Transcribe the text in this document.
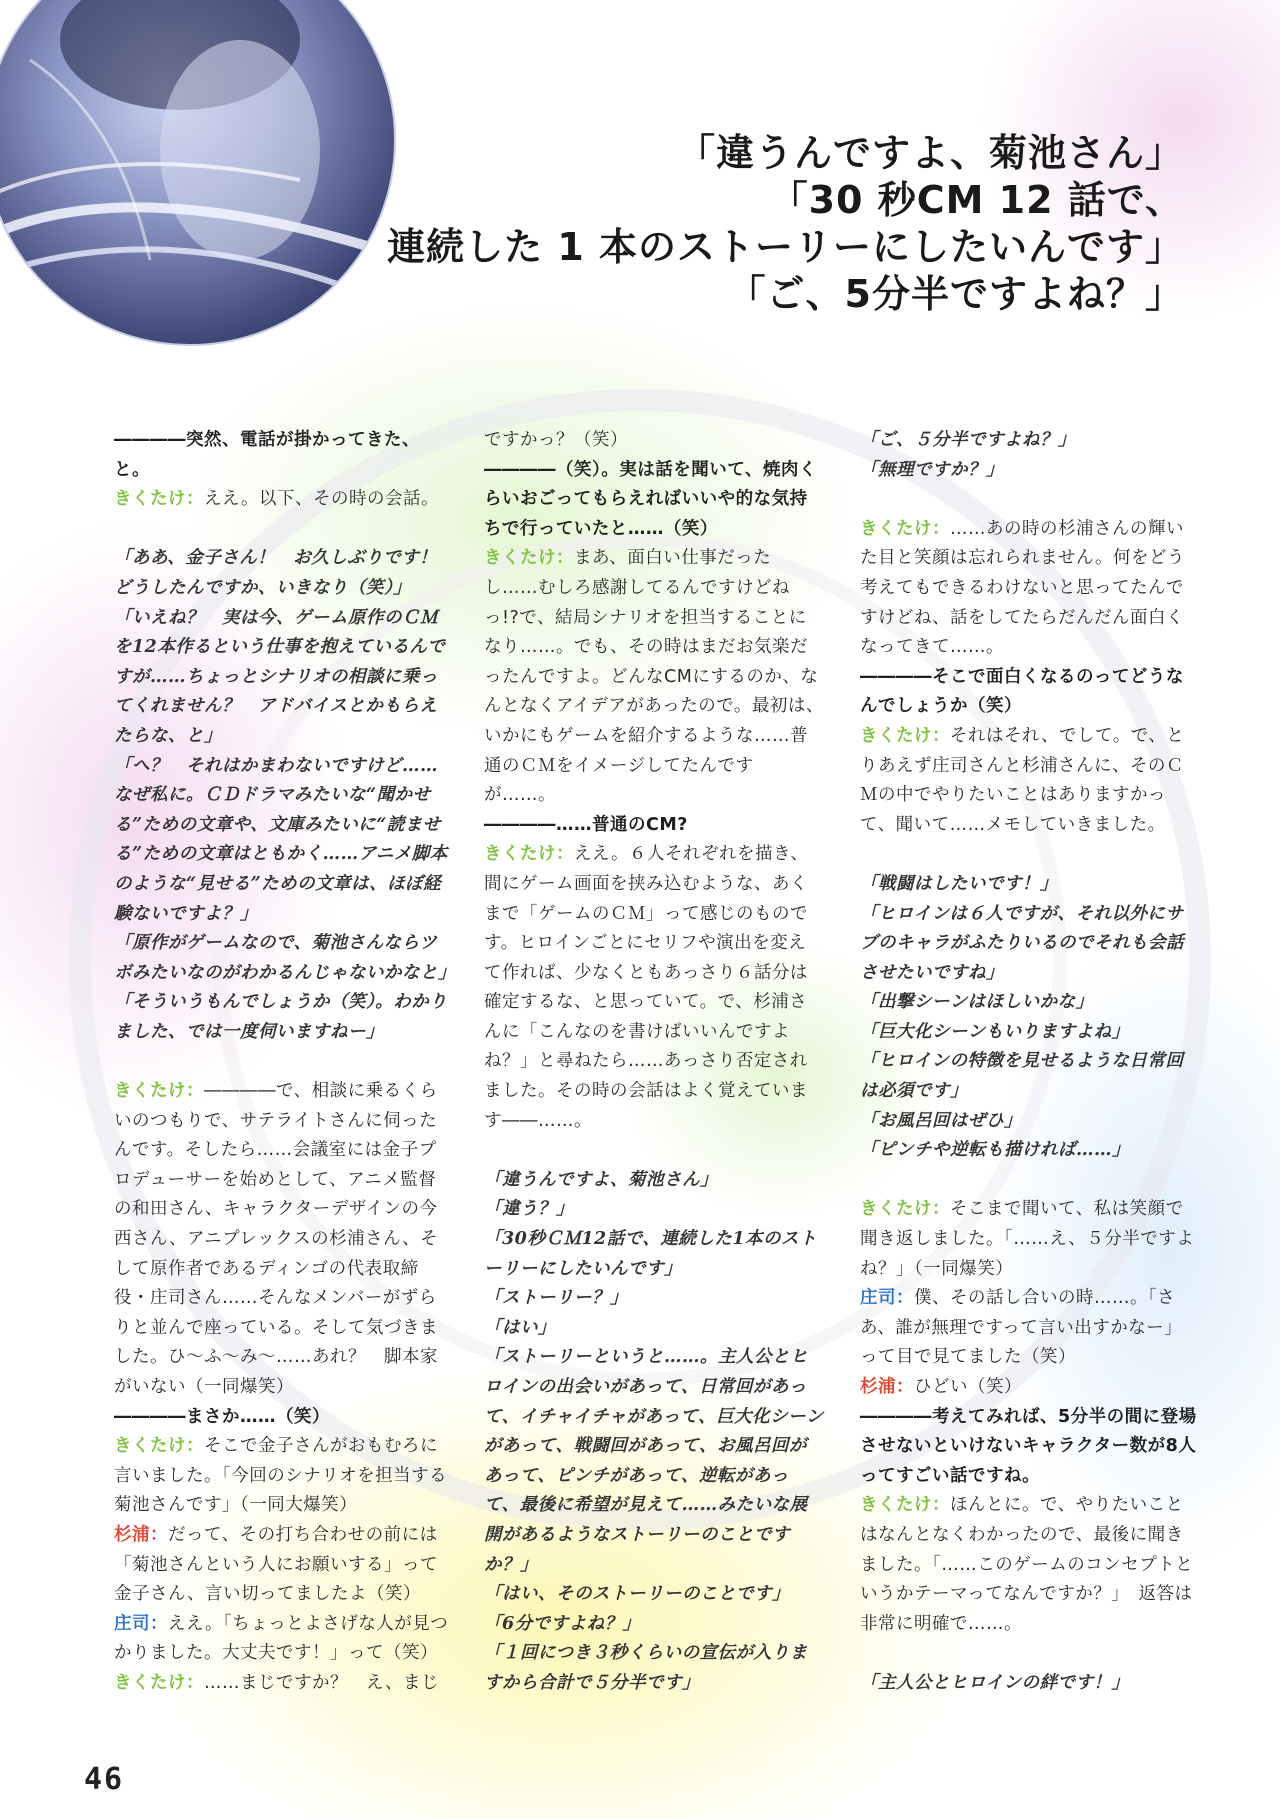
「違うんですよ、菊池さん」
「30 秒CM 12 話で、
連続した 1 本のストーリーにしたいんです」
「ご、5分半ですよね？」

――――突然、電話が掛かってきた、と。

きくたけ：ええ。以下、その時の会話。

「ああ、金子さん！　お久しぶりです！どうしたんですか、いきなり（笑）」

「いえね？　実は今、ゲーム原作のＣＭを12本作るという仕事を抱えているんですが……ちょっとシナリオの相談に乗ってくれません？　アドバイスとかもらえたらな、と」

「へ？　それはかまわないですけど……なぜ私に。ＣＤドラマみたいな“聞かせる”ための文章や、文庫みたいに“読ませる”ための文章はともかく……アニメ脚本のような“見せる”ための文章は、ほぼ経験ないですよ？」

「原作がゲームなので、菊池さんならツボみたいなのがわかるんじゃないかなと」

「そういうもんでしょうか（笑）。わかりました、では一度伺いますねー」

きくたけ：――――で、相談に乗るくらいのつもりで、サテライトさんに伺ったんです。そしたら……会議室には金子プロデューサーを始めとして、アニメ監督の和田さん、キャラクターデザインの今西さん、アニプレックスの杉浦さん、そして原作者であるディンゴの代表取締役・庄司さん……そんなメンバーがずらりと並んで座っている。そして気づきました。ひ～ふ～み～……あれ？　脚本家がいない（一同爆笑）

――――まさか……（笑）

きくたけ：そこで金子さんがおもむろに言いました。「今回のシナリオを担当する菊池さんです」（一同大爆笑）

杉浦：だって、その打ち合わせの前には「菊池さんという人にお願いする」って金子さん、言い切ってましたよ（笑）

庄司：ええ。「ちょっとよさげな人が見つかりました。大丈夫です！」って（笑）

きくたけ：……まじですか？　え、まじ

ですかっ？（笑）

――――（笑）。実は話を聞いて、焼肉くらいおごってもらえればいいや的な気持ちで行っていたと……（笑）

きくたけ：まあ、面白い仕事だったし……むしろ感謝してるんですけどねっ!?で、結局シナリオを担当することになり……。でも、その時はまだお気楽だったんですよ。どんなCMにするのか、なんとなくアイデアがあったので。最初は、いかにもゲームを紹介するような……普通のＣＭをイメージしてたんですが……。

――――……普通のCM?

きくたけ：ええ。６人それぞれを描き、間にゲーム画面を挟み込むような、あくまで「ゲームのＣＭ」って感じのものです。ヒロインごとにセリフや演出を変えて作れば、少なくともあっさり６話分は確定するな、と思っていて。で、杉浦さんに「こんなのを書けばいいんですよね？」と尋ねたら……あっさり否定されました。その時の会話はよく覚えています――……。

「違うんですよ、菊池さん」

「違う？」

「30秒ＣＭ12話で、連続した1本のストーリーにしたいんです」

「ストーリー？」

「はい」

「ストーリーというと……。主人公とヒロインの出会いがあって、日常回があって、イチャイチャがあって、巨大化シーンがあって、戦闘回があって、お風呂回があって、ピンチがあって、逆転があって、最後に希望が見えて……みたいな展開があるようなストーリーのことですか？」

「はい、そのストーリーのことです」

「6分ですよね？」

「１回につき３秒くらいの宣伝が入りますから合計で５分半です」

「ご、５分半ですよね？」

「無理ですか？」

きくたけ：……あの時の杉浦さんの輝いた目と笑顔は忘れられません。何をどう考えてもできるわけないと思ってたんですけどね、話をしてたらだんだん面白くなってきて……。

――――そこで面白くなるのってどうなんでしょうか（笑）

きくたけ：それはそれ、でして。で、とりあえず庄司さんと杉浦さんに、そのＣＭの中でやりたいことはありますかって、聞いて……メモしていきました。

「戦闘はしたいです！」

「ヒロインは６人ですが、それ以外にサブのキャラがふたりいるのでそれも会話させたいですね」

「出撃シーンはほしいかな」

「巨大化シーンもいりますよね」

「ヒロインの特徴を見せるような日常回は必須です」

「お風呂回はぜひ」

「ピンチや逆転も描ければ……」

きくたけ：そこまで聞いて、私は笑顔で聞き返しました。「……え、５分半ですよね？」（一同爆笑）

庄司：僕、その話し合いの時……。「さあ、誰が無理ですって言い出すかなー」って目で見てました（笑）

杉浦：ひどい（笑）

――――考えてみれば、5分半の間に登場させないといけないキャラクター数が8人ってすごい話ですね。

きくたけ：ほんとに。で、やりたいことはなんとなくわかったので、最後に聞きました。「……このゲームのコンセプトというかテーマってなんですか？」　返答は非常に明確で……。

「主人公とヒロインの絆です！」

46
